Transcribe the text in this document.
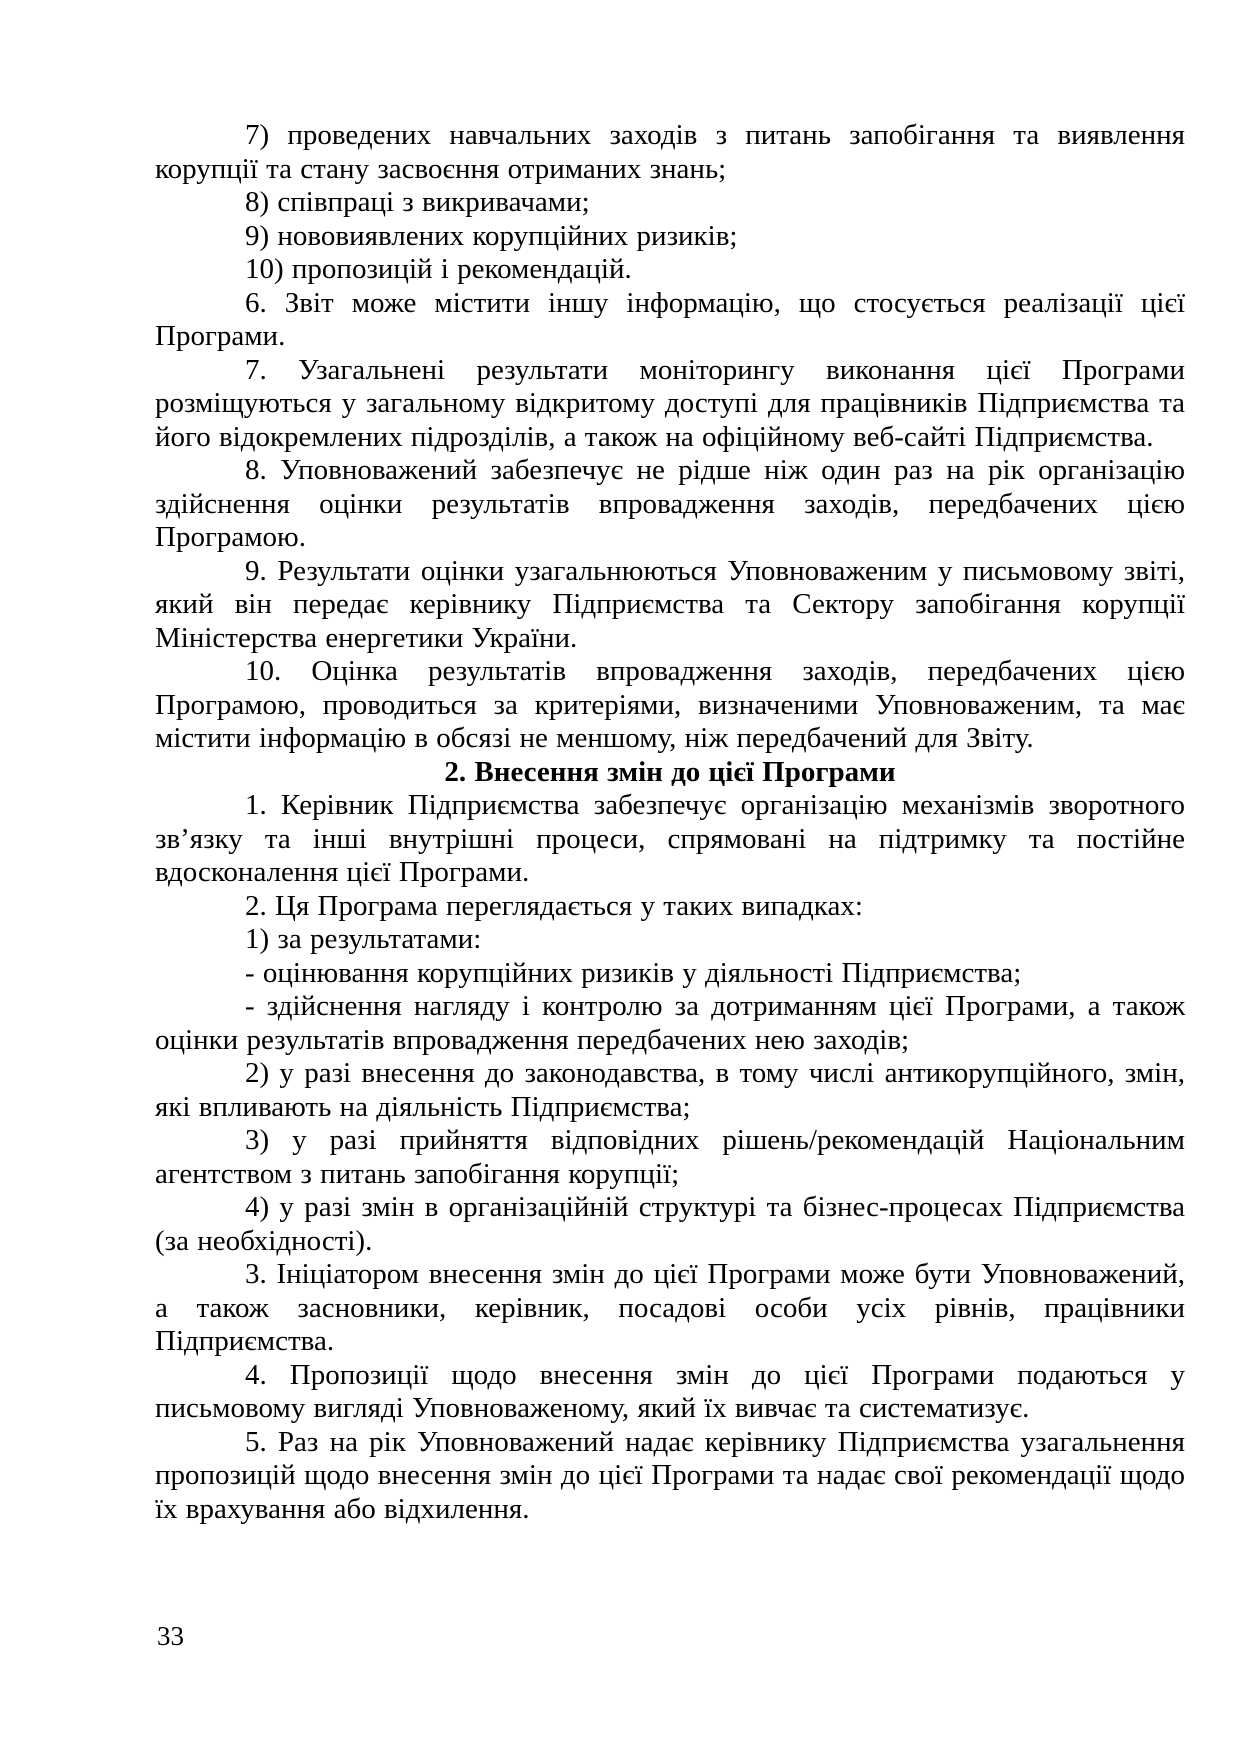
7) проведених навчальних заходів з питань запобігання та виявлення корупції та стану засвоєння отриманих знань;

8) співпраці з викривачами;

9) нововиявлених корупційних ризиків;

10) пропозицій і рекомендацій.

6. Звіт може містити іншу інформацію, що стосується реалізації цієї Програми.

7. Узагальнені результати моніторингу виконання цієї Програми розміщуються у загальному відкритому доступі для працівників Підприємства та його відокремлених підрозділів, а також на офіційному веб-сайті Підприємства.

8. Уповноважений забезпечує не рідше ніж один раз на рік організацію здійснення оцінки результатів впровадження заходів, передбачених цією Програмою.

9. Результати оцінки узагальнюються Уповноваженим у письмовому звіті, який він передає керівнику Підприємства та Сектору запобігання корупції Міністерства енергетики України.

10. Оцінка результатів впровадження заходів, передбачених цією Програмою, проводиться за критеріями, визначеними Уповноваженим, та має містити інформацію в обсязі не меншому, ніж передбачений для Звіту.

2. Внесення змін до цієї Програми

1. Керівник Підприємства забезпечує організацію механізмів зворотного зв’язку та інші внутрішні процеси, спрямовані на підтримку та постійне вдосконалення цієї Програми.

2. Ця Програма переглядається у таких випадках:

1) за результатами:

- оцінювання корупційних ризиків у діяльності Підприємства;

- здійснення нагляду і контролю за дотриманням цієї Програми, а також оцінки результатів впровадження передбачених нею заходів;

2) у разі внесення до законодавства, в тому числі антикорупційного, змін, які впливають на діяльність Підприємства;

3) у разі прийняття відповідних рішень/рекомендацій Національним агентством з питань запобігання корупції;

4) у разі змін в організаційній структурі та бізнес-процесах Підприємства (за необхідності).

3. Ініціатором внесення змін до цієї Програми може бути Уповноважений, а також засновники, керівник, посадові особи усіх рівнів, працівники Підприємства.

4. Пропозиції щодо внесення змін до цієї Програми подаються у письмовому вигляді Уповноваженому, який їх вивчає та систематизує.

5. Раз на рік Уповноважений надає керівнику Підприємства узагальнення пропозицій щодо внесення змін до цієї Програми та надає свої рекомендації щодо їх врахування або відхилення.

33
